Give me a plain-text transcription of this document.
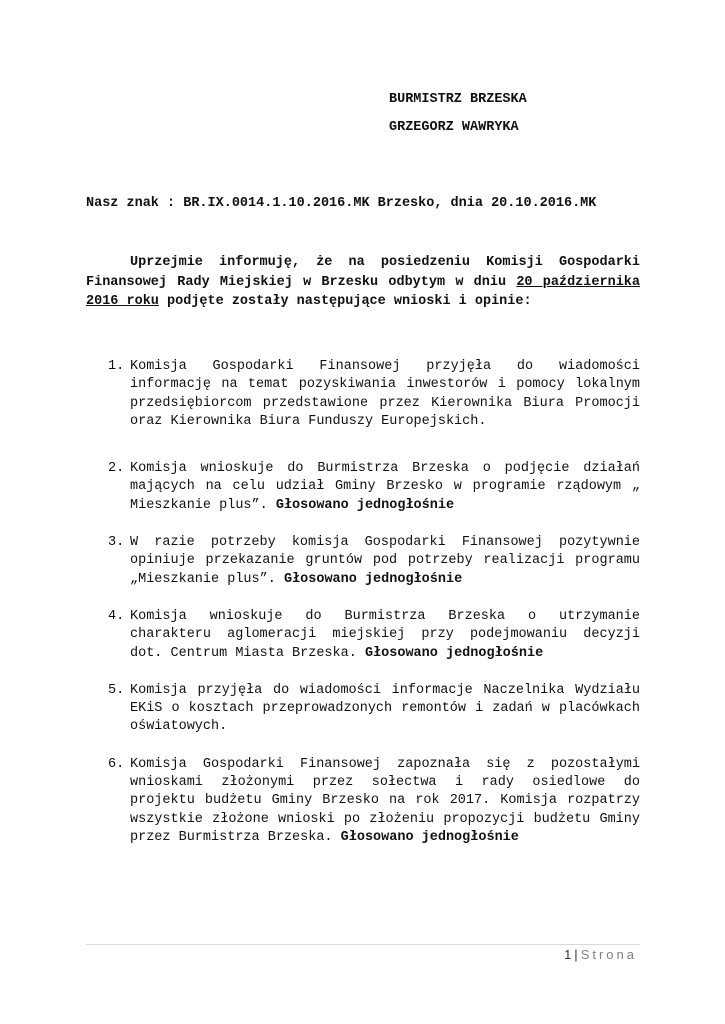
BURMISTRZ BRZESKA
GRZEGORZ WAWRYKA
Nasz znak : BR.IX.0014.1.10.2016.MK Brzesko, dnia 20.10.2016.MK
Uprzejmie informuję, że na posiedzeniu Komisji Gospodarki Finansowej Rady Miejskiej w Brzesku odbytym w dniu 20 października 2016 roku podjęte zostały następujące wnioski i opinie:
1. Komisja Gospodarki Finansowej przyjęła do wiadomości informację na temat pozyskiwania inwestorów i pomocy lokalnym przedsiębiorcom przedstawione przez Kierownika Biura Promocji oraz Kierownika Biura Funduszy Europejskich.
2. Komisja wnioskuje do Burmistrza Brzeska o podjęcie działań mających na celu udział Gminy Brzesko w programie rządowym „ Mieszkanie plus”. Głosowano jednogłośnie
3. W razie potrzeby komisja Gospodarki Finansowej pozytywnie opiniuje przekazanie gruntów pod potrzeby realizacji programu „Mieszkanie plus”. Głosowano jednogłośnie
4. Komisja wnioskuje do Burmistrza Brzeska o utrzymanie charakteru aglomeracji miejskiej przy podejmowaniu decyzji dot. Centrum Miasta Brzeska. Głosowano jednogłośnie
5. Komisja przyjęła do wiadomości informacje Naczelnika Wydziału EKiS o kosztach przeprowadzonych remontów i zadań w placówkach oświatowych.
6. Komisja Gospodarki Finansowej zapoznała się z pozostałymi wnioskami złożonymi przez sołectwa i rady osiedlowe do projektu budżetu Gminy Brzesko na rok 2017. Komisja rozpatrzy wszystkie złożone wnioski po złożeniu propozycji budżetu Gminy przez Burmistrza Brzeska. Głosowano jednogłośnie
1 | Strona
